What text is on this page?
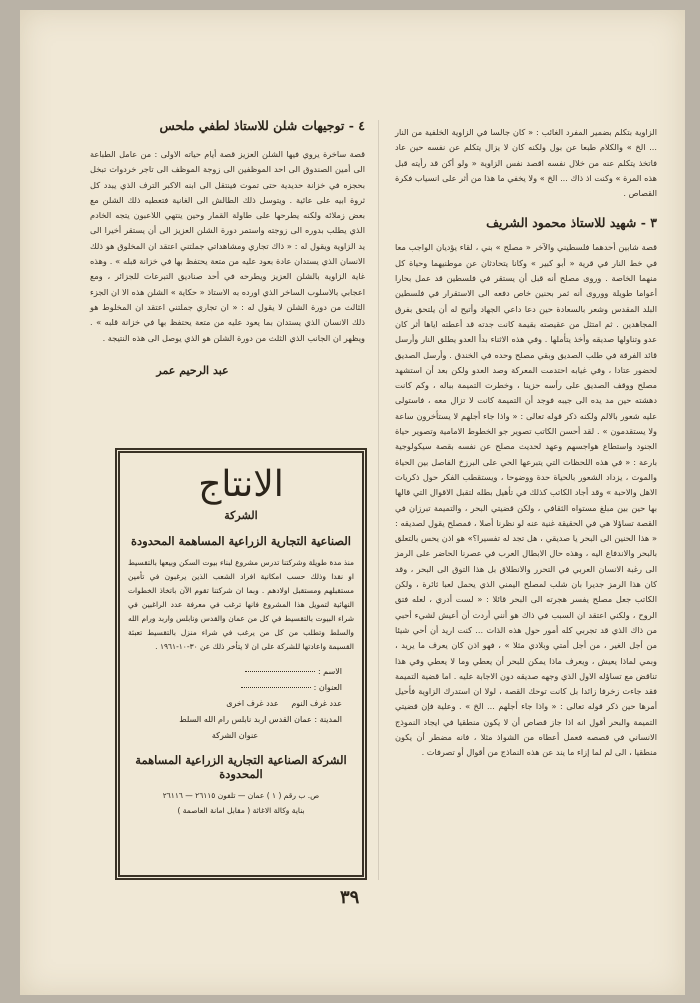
الزاوية بتكلم بضمير المفرد الغائب : « كان جالسا في الزاوية الخلفية من النار ... الخ » والكلام طبعا عن بول ولكنه كان لا يزال يتكلم عن نفسه حين عاد فاتخذ يتكلم عنه من خلال نفسه اقصد نفس الزاوية « ولو أكن قد رأيته قبل هذه المرة » وكنت اذ ذاك ... الخ » ولا يخفي ما هذا من أثر على انسياب فكرة القصاص .

٣ - شهيد للاستاذ محمود الشريف

قصة شابين أحدهما فلسطيني والآخر « مصلح » بني ، لقاء يؤديان الواجب معا في خط النار في قرية « أبو كبير » وكانا يتحادثان عن موطنيهما وحياة كل منهما الخاصة . وروى مصلح أنه قبل أن يستقر في فلسطين قد عمل بحارا أعواما طويلة ووروى أنه ثمر بحنين خاص دفعه الى الاستقرار في فلسطين البلد المقدس وشعر بالسعادة حين دعا داعي الجهاد وأتيح له أن يلتحق بفرق المجاهدين . ثم امتثل من عقيصته بقيمة كانت جدته قد أعطته اياها أثر كان عدو وتناولها صديقه وأخذ يتأملها . وفي هذه الاثناء بدأ العدو يطلق النار وأرسل قائد الفرقة في طلب الصديق وبقي مصلح وحده في الخندق . وأرسل الصديق لحضور عتادا ، وفي غيابه احتدمت المعركة وصد العدو ولكن بعد أن استشهد مصلح ووقف الصديق على رأسه حزينا ، وخطرت التميمة بباله ، وكم كانت دهشته حين مد يده الى جيبه فوجد أن التميمة كانت لا تزال معه ، فاستولى عليه شعور بالالم ولكنه ذكر قوله تعالى : « واذا جاء أجلهم لا يستأخرون ساعة ولا يستقدمون » . لقد أحسن الكاتب تصوير جو الخطوط الامامية وتصوير حياة الجنود واستطاع هواجسهم وعهد لحديث مصلح عن نفسه بقصة سيكولوجية بارعة : « في هذه اللحظات التي يتبرعها الحي على البرزخ الفاصل بين الحياة والموت ، يزداد الشعور بالحياة حدة ووضوحا ، ويستقطب الفكر حول ذكريات الاهل والاحبة » وقد أجاد الكاتب كذلك في تأهيل بطله لتقبل الاقوال التي قالها بها حين بين مبلغ مستواه الثقافي ، ولكن قضيتي البحر ، والتميمة تبرزان في القصة تساؤلا هي في الحقيقة غنية عنه لو نظرنا أصلا ، فمصلح يقول لصديقه : « هذا الحنين الى البحر يا صديقي ، هل تجد له تفسيرا؟» هو اذن يحس بالتعلق بالبحر والاندفاع اليه ، وهذه حال الابطال العرب في عصرنا الحاضر على الرمز الى رغبة الانسان العربي في التحرر والانطلاق بل هذا التوق الى البحر ، وقد كان هذا الرمز جديرا بان شلب لمصلح اليمني الذي يحمل لعبا ثائرة ، ولكن الكاتب جعل مصلح يفسر هجرته الى البحر قائلا : « لست أدري ، لعله فتق الروح ، ولكني اعتقد ان السبب في ذاك هو أنني أردت أن أعيش لشيء أحبي من ذاك الذي قد تجربي كله أمور حول هذه الذات ... كنت اريد أن أحي شيئا من أجل الغير ، من أجل أمتي وبلادي مثلا » ، فهو اذن كان يعرف ما يريد ، وبمي لماذا يعيش ، ويعرف ماذا يمكن للبحر أن يعطي وما لا يعطي وفي هذا تناقض مع تساؤله الاول الذي وجهه صديقه دون الاجابة عليه . اما قضية التميمة فقد جاءت زخرفا زائدا بل كانت توحك القصة ، لولا ان استدرك الزاوية فأحيل أمرها حين ذكر قوله تعالى : « واذا جاء أجلهم ... الخ » . وعلية فإن قضيتي التميمة والبحر أقول انه اذا جاز قصاص أن لا يكون منطقيا في ايجاد النموذج الانساني في قصصه فعمل أعطاه من الشواذ مثلا ، فانه مضطر أن يكون منطقيا ، الى لم لما إزاء ما يند عن هذه النماذج من أقوال أو تصرفات .

٤ - توجيهات شلن للاستاذ لطفي ملحس

قصة ساخرة يروي فيها الشلن العزيز قصة أيام حياته الاولى : من عامل الطباعة الى أمين الصندوق الى احد الموظفين الى زوجة الموظف الى تاجر خردوات تبخل بحجزه في خزانة حديدية حتى تموت فينتقل الى ابنه الاكبر الترف الذي يبدد كل ثروة ابيه على عائية . ويتوسل ذلك الطالش الى الغانية فتعطيه ذلك الشلن مع بعض زملائه ولكنه يطرحها على طاولة القمار وحين ينتهي اللاعبون يتجه الخادم الذي يطلب بدوره الى زوجته واستمر دورة الشلن العزيز الى أن يستقر أخيرا الى يد الزاوية ويقول له : « ذاك تجاري ومشاهداتي جملتني اعتقد ان المخلوق هو ذلك الانسان الذي يستدان عادة بعود عليه من متعة يحتفظ بها في خزانة قبله » . وهذه غاية الزاوية بالشلن العزيز ويطرحه في أحد صناديق التبرعات للجزائر ، ومع اعجابي بالاسلوب الساخر الذي اورده به الاستاذ « حكاية » الشلن هذه الا ان الجزء الثالث من دورة الشلن لا يقول له : « ان تجاري جملتني اعتقد ان المخلوط هو ذلك الانسان الذي يستدان بما يعود عليه من متعة يحتفظ بها في خزانة قلبه » . ويظهر ان الجانب الذي الثلث من دورة الشلن هو الذي يوصل الى هذه النتيجة .

عبد الرحيم عمر
الانتاج
الشركة
الصناعية التجارية الزراعية المساهمة المحدودة

منذ مدة طويلة وشركتنا تدرس مشروع لبناء بيوت السكن وبيعها بالتقسيط او نقدا وذلك حسب امكانية افراد الشعب الذين يرغبون في تأمين مستقبلهم ومستقبل اولادهم . وبما ان شركتنا تقوم الآن باتخاذ الخطوات النهائية لتمويل هذا المشروع فانها ترغب في معرفة عدد الراغبين في شراء البيوت بالتقسيط في كل من عمان والقدس ونابلس واربد ورام الله والسلط وتطلب من كل من يرغب في شراء منزل بالتقسيط تعبئة القسيمة واعادتها للشركة على ان لا يتأخر ذلك عن ٣٠-١٠-١٩٦١ .

الاسم :
العنوان :
عدد غرف النوم     عدد غرف اخرى
المدينة : عمان القدس اربد نابلس رام الله السلط
عنوان الشركة
الشركة الصناعية التجارية الزراعية المساهمة المحدودة
ص. ب رقم ( ١ ) عمان — تلفون ٢٦١١٥ — ٢٦١١٦
بناية وكالة الاغاثة ( مقابل امانة العاصمة )
٣٩
